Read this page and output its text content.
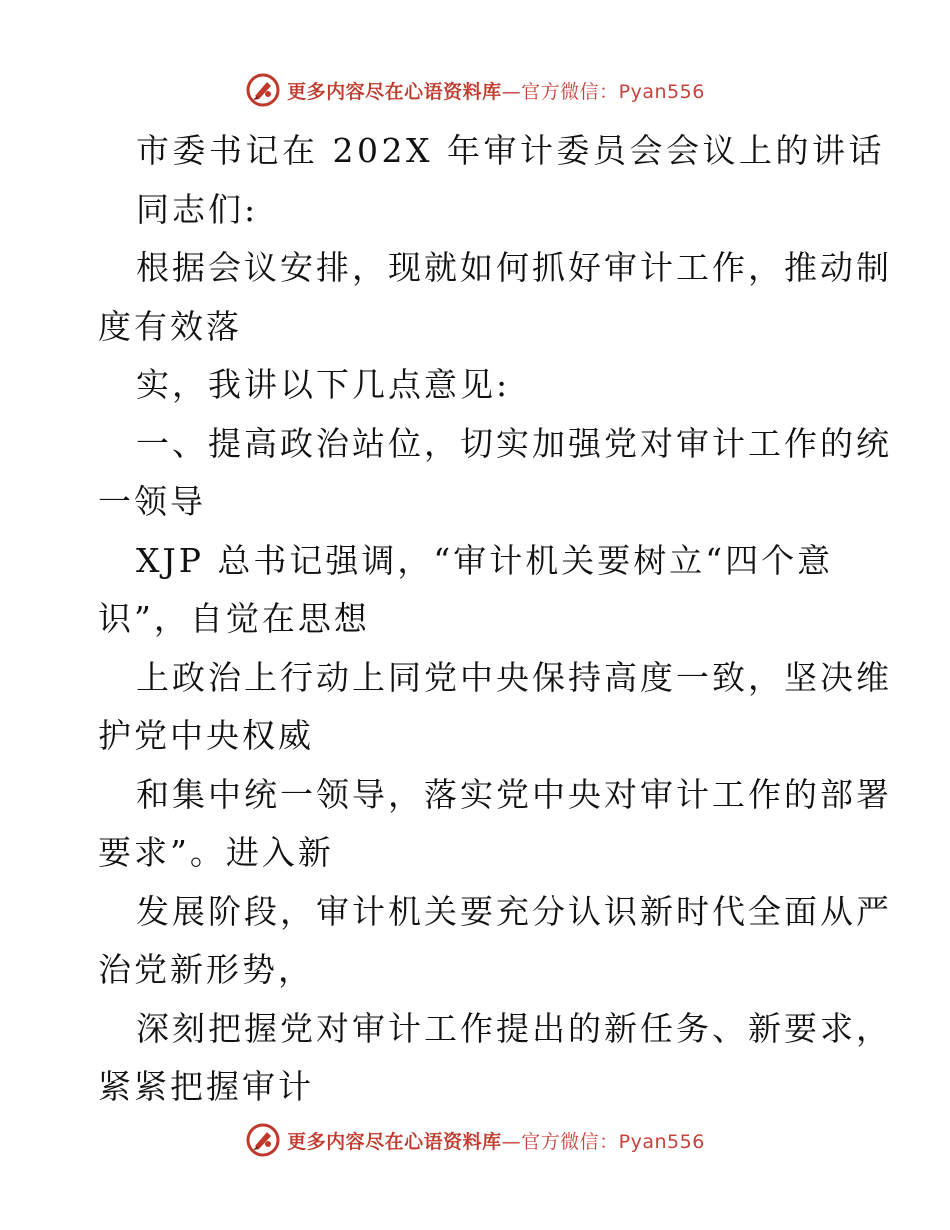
更多内容尽在心语资料库—官方微信：Pyan556
市委书记在 202X 年审计委员会会议上的讲话
同志们:
根据会议安排，现就如何抓好审计工作，推动制
度有效落
实，我讲以下几点意见:
一、提高政治站位，切实加强党对审计工作的统
一领导
XJP 总书记强调，“审计机关要树立“四个意
识”，自觉在思想
上政治上行动上同党中央保持高度一致，坚决维
护党中央权威
和集中统一领导，落实党中央对审计工作的部署
要求”。进入新
发展阶段，审计机关要充分认识新时代全面从严
治党新形势，
深刻把握党对审计工作提出的新任务、新要求，
紧紧把握审计
更多内容尽在心语资料库—官方微信：Pyan556
